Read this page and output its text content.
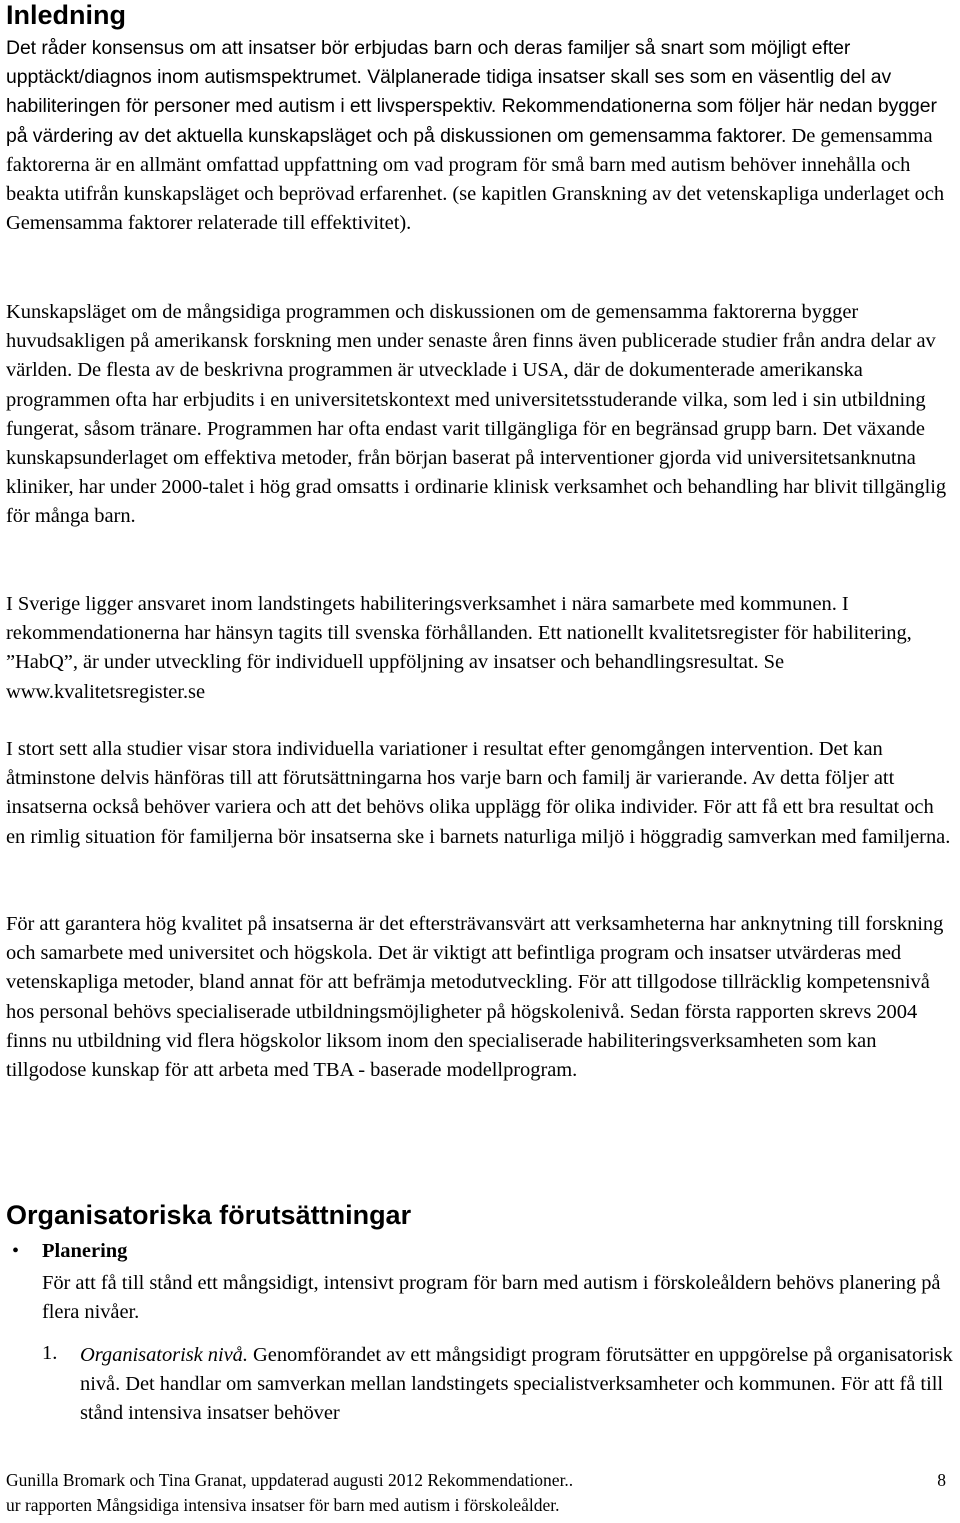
Inledning

Det råder konsensus om att insatser bör erbjudas barn och deras familjer så snart som möjligt efter upptäckt/diagnos inom autismspektrumet. Välplanerade tidiga insatser skall ses som en väsentlig del av habiliteringen för personer med autism i ett livsperspektiv. Rekommendationerna som följer här nedan bygger på värdering av det aktuella kunskapsläget och på diskussionen om gemensamma faktorer. De gemensamma faktorerna är en allmänt omfattad uppfattning om vad program för små barn med autism behöver innehålla och beakta utifrån kunskapsläget och beprövad erfarenhet. (se kapitlen Granskning av det vetenskapliga underlaget och Gemensamma faktorer relaterade till effektivitet).

Kunskapsläget om de mångsidiga programmen och diskussionen om de gemensamma faktorerna bygger huvudsakligen på amerikansk forskning men under senaste åren finns även publicerade studier från andra delar av världen. De flesta av de beskrivna programmen är utvecklade i USA, där de dokumenterade amerikanska programmen ofta har erbjudits i en universitetskontext med universitetsstuderande vilka, som led i sin utbildning fungerat, såsom tränare. Programmen har ofta endast varit tillgängliga för en begränsad grupp barn. Det växande kunskapsunderlaget om effektiva metoder, från början baserat på interventioner gjorda vid universitetsanknutna kliniker, har under 2000-talet i hög grad omsatts i ordinarie klinisk verksamhet och behandling har blivit tillgänglig för många barn.

I Sverige ligger ansvaret inom landstingets habiliteringsverksamhet i nära samarbete med kommunen. I rekommendationerna har hänsyn tagits till svenska förhållanden. Ett nationellt kvalitetsregister för habilitering, ”HabQ”, är under utveckling för individuell uppföljning av insatser och behandlingsresultat. Se www.kvalitetsregister.se

I stort sett alla studier visar stora individuella variationer i resultat efter genomgången intervention. Det kan åtminstone delvis hänföras till att förutsättningarna hos varje barn och familj är varierande. Av detta följer att insatserna också behöver variera och att det behövs olika upplägg för olika individer. För att få ett bra resultat och en rimlig situation för familjerna bör insatserna ske i barnets naturliga miljö i höggradig samverkan med familjerna.

För att garantera hög kvalitet på insatserna är det eftersträvansvärt att verksamheterna har anknytning till forskning och samarbete med universitet och högskola. Det är viktigt att befintliga program och insatser utvärderas med vetenskapliga metoder, bland annat för att befrämja metodutveckling. För att tillgodose tillräcklig kompetensnivå hos personal behövs specialiserade utbildningsmöjligheter på högskolenivå. Sedan första rapporten skrevs 2004 finns nu utbildning vid flera högskolor liksom inom den specialiserade habiliteringsverksamheten som kan tillgodose kunskap för att arbeta med TBA - baserade modellprogram.

Organisatoriska förutsättningar
• Planering

För att få till stånd ett mångsidigt, intensivt program för barn med autism i förskoleåldern behövs planering på flera nivåer.

1. Organisatorisk nivå. Genomförandet av ett mångsidigt program förutsätter en uppgörelse på organisatorisk nivå. Det handlar om samverkan mellan landstingets specialistverksamheter och kommunen. För att få till stånd intensiva insatser behöver

Gunilla Bromark och Tina Granat, uppdaterad augusti 2012 Rekommendationer..
ur rapporten Mångsidiga intensiva insatser för barn med autism i förskoleålder.
8
